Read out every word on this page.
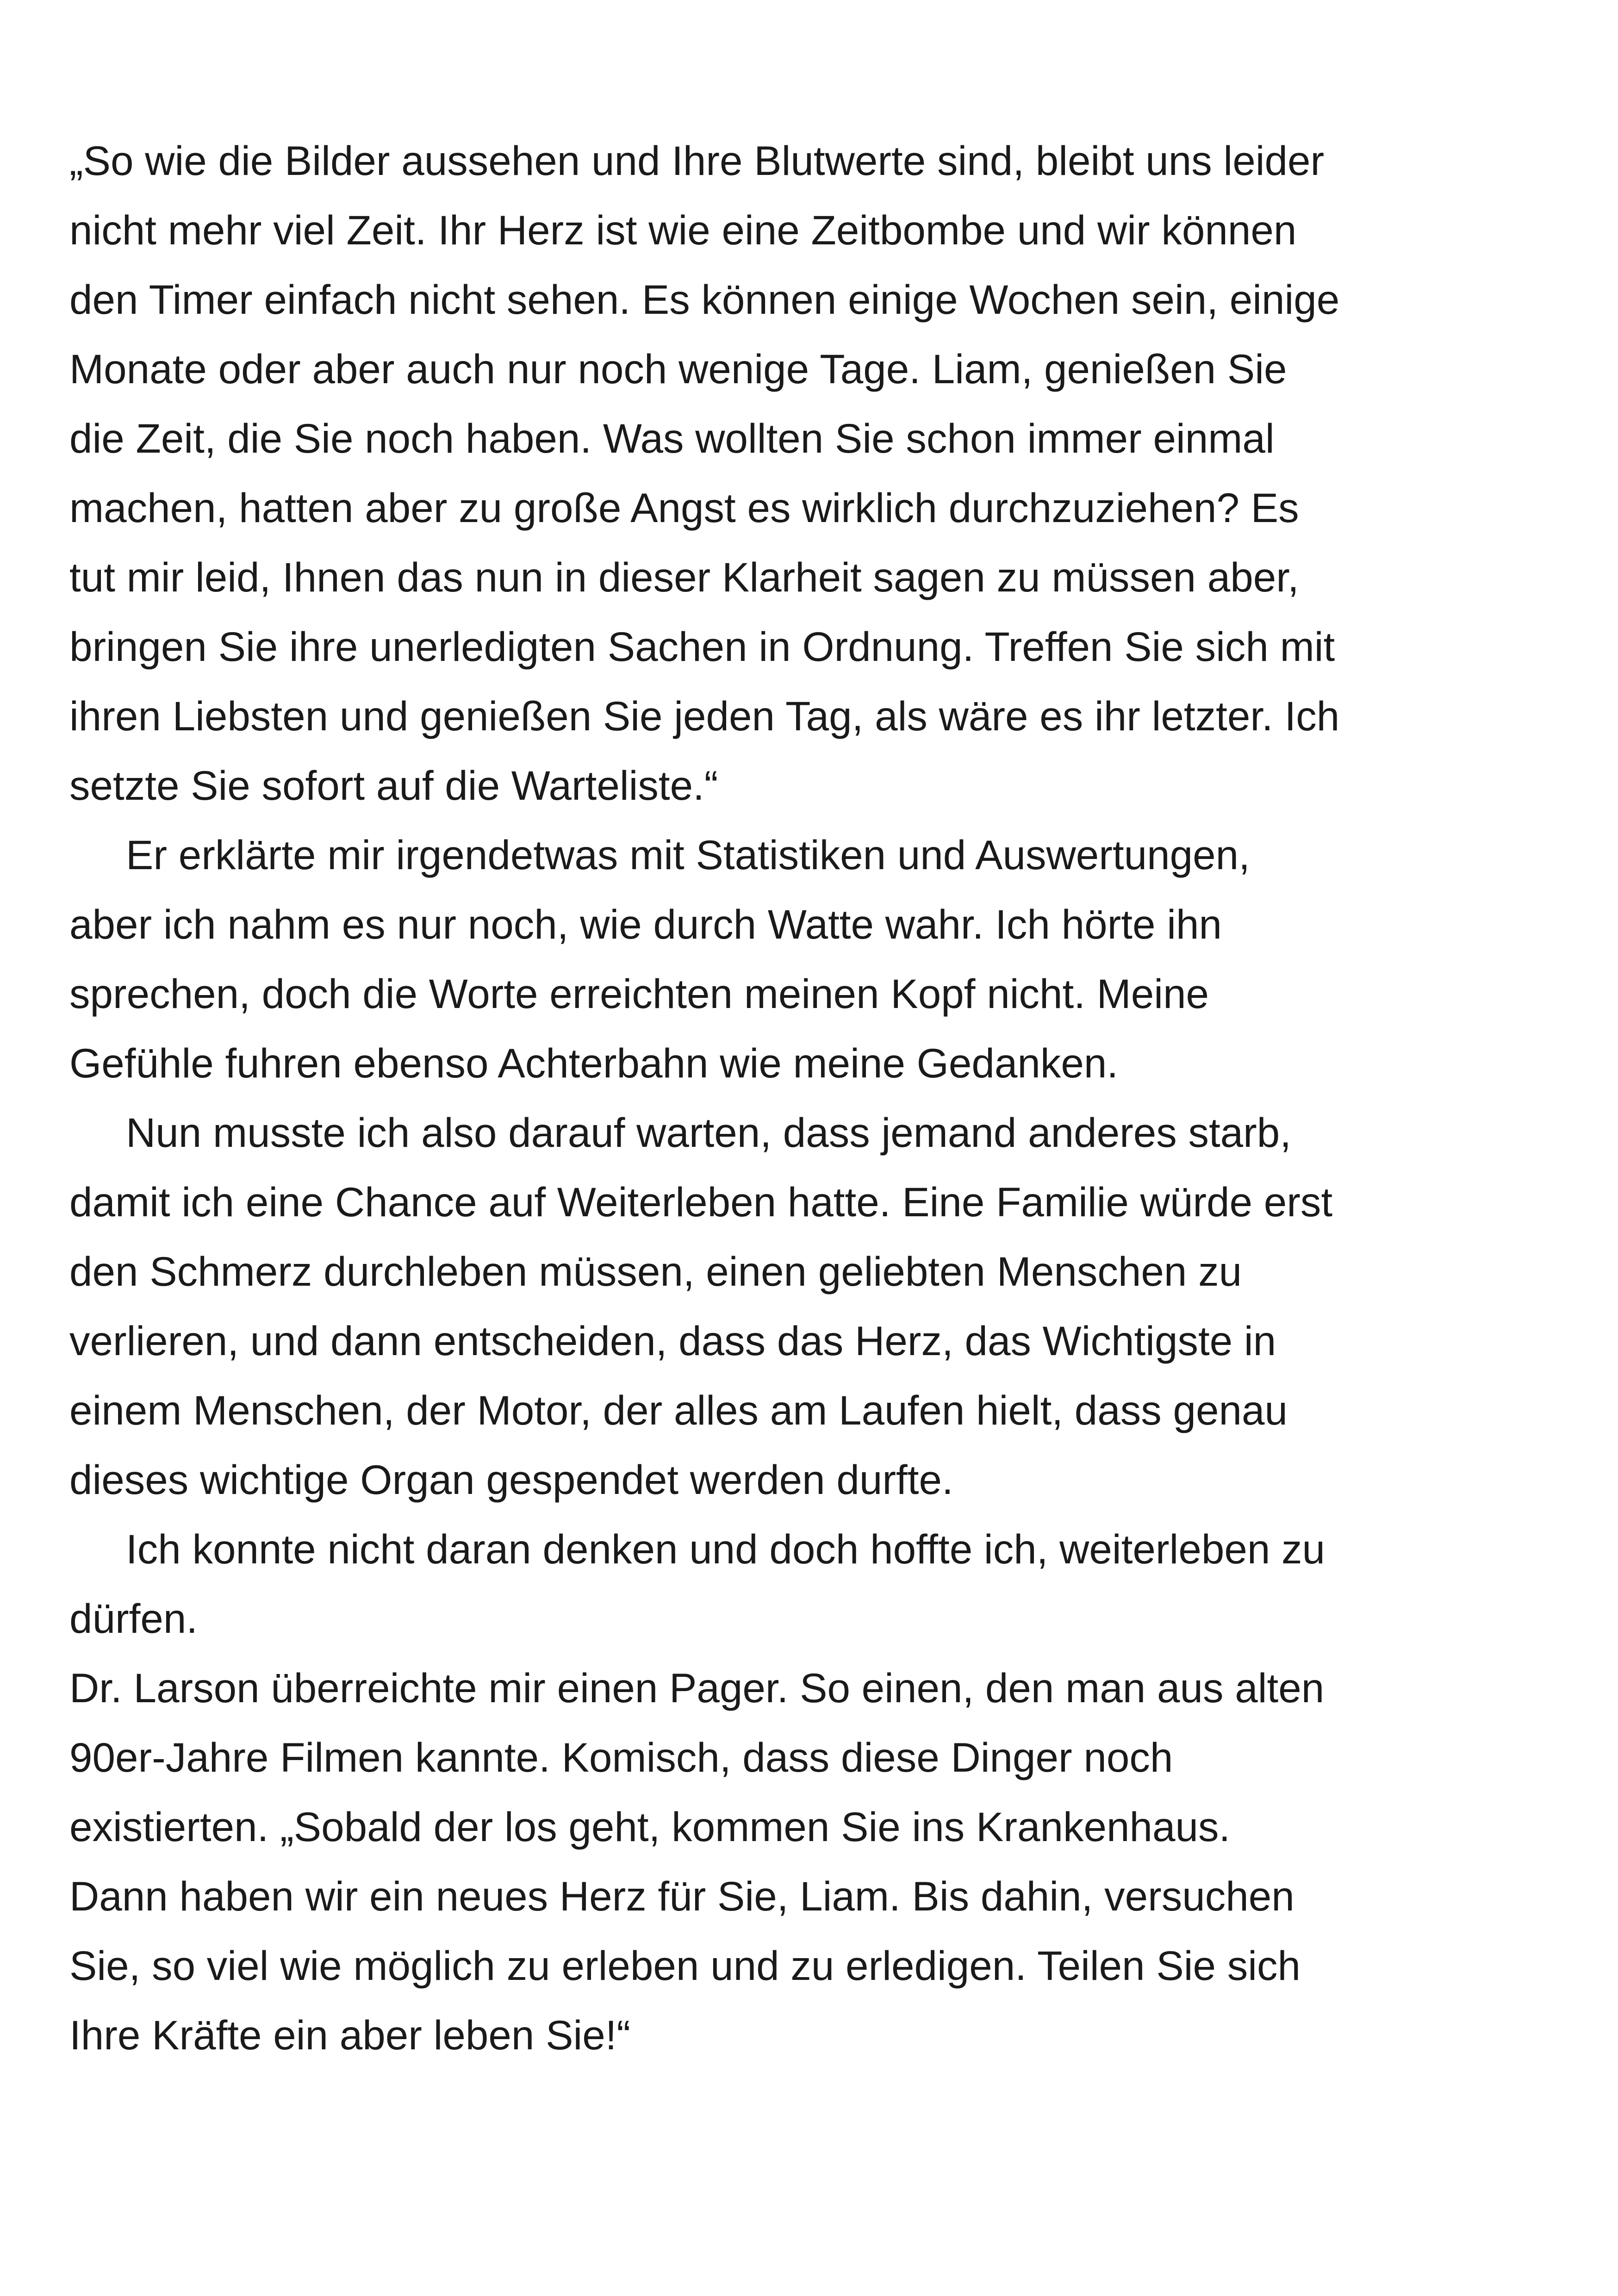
„So wie die Bilder aussehen und Ihre Blutwerte sind, bleibt uns leider
nicht mehr viel Zeit. Ihr Herz ist wie eine Zeitbombe und wir können
den Timer einfach nicht sehen. Es können einige Wochen sein, einige
Monate oder aber auch nur noch wenige Tage. Liam, genießen Sie
die Zeit, die Sie noch haben. Was wollten Sie schon immer einmal
machen, hatten aber zu große Angst es wirklich durchzuziehen? Es
tut mir leid, Ihnen das nun in dieser Klarheit sagen zu müssen aber,
bringen Sie ihre unerledigten Sachen in Ordnung. Treffen Sie sich mit
ihren Liebsten und genießen Sie jeden Tag, als wäre es ihr letzter. Ich
setzte Sie sofort auf die Warteliste.“
Er erklärte mir irgendetwas mit Statistiken und Auswertungen,
aber ich nahm es nur noch, wie durch Watte wahr. Ich hörte ihn
sprechen, doch die Worte erreichten meinen Kopf nicht. Meine
Gefühle fuhren ebenso Achterbahn wie meine Gedanken.
Nun musste ich also darauf warten, dass jemand anderes starb,
damit ich eine Chance auf Weiterleben hatte. Eine Familie würde erst
den Schmerz durchleben müssen, einen geliebten Menschen zu
verlieren, und dann entscheiden, dass das Herz, das Wichtigste in
einem Menschen, der Motor, der alles am Laufen hielt, dass genau
dieses wichtige Organ gespendet werden durfte.
Ich konnte nicht daran denken und doch hoffte ich, weiterleben zu
dürfen.
Dr. Larson überreichte mir einen Pager. So einen, den man aus alten
90er-Jahre Filmen kannte. Komisch, dass diese Dinger noch
existierten. „Sobald der los geht, kommen Sie ins Krankenhaus.
Dann haben wir ein neues Herz für Sie, Liam. Bis dahin, versuchen
Sie, so viel wie möglich zu erleben und zu erledigen. Teilen Sie sich
Ihre Kräfte ein aber leben Sie!“
